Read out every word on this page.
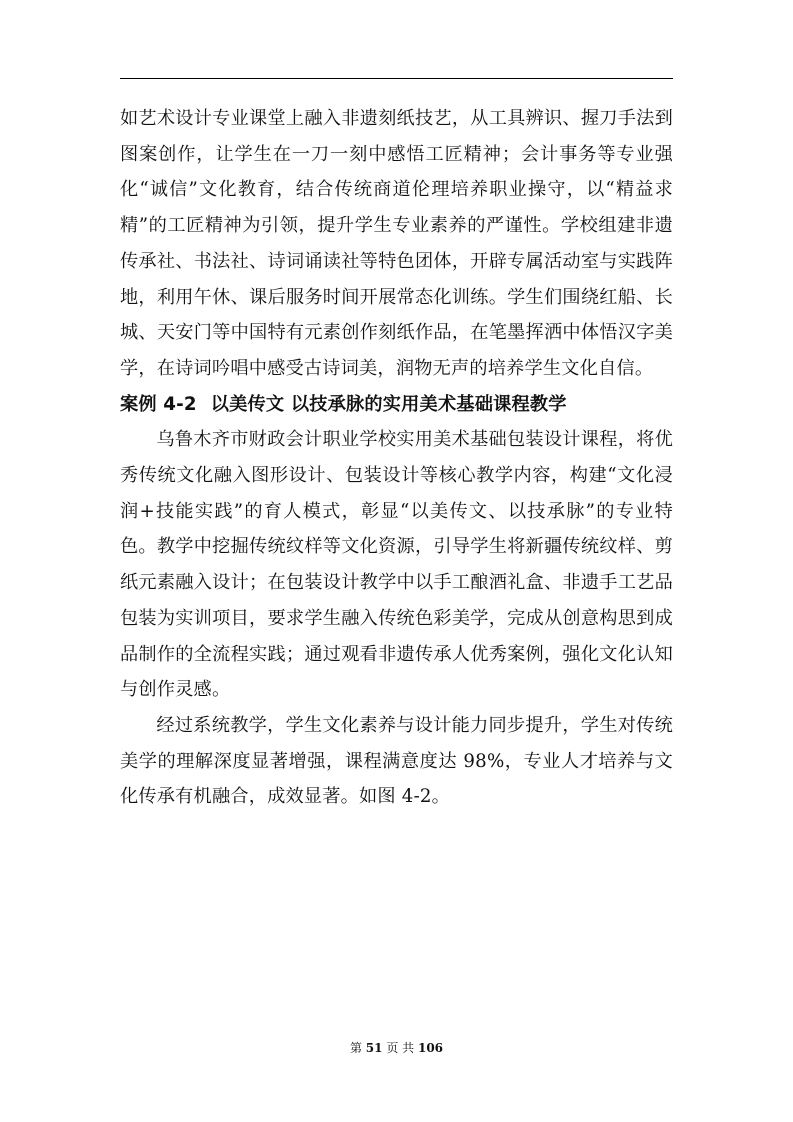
如艺术设计专业课堂上融入非遗刻纸技艺，从工具辨识、握刀手法到图案创作，让学生在一刀一刻中感悟工匠精神；会计事务等专业强化“诚信”文化教育，结合传统商道伦理培养职业操守，以“精益求精”的工匠精神为引领，提升学生专业素养的严谨性。学校组建非遗传承社、书法社、诗词诵读社等特色团体，开辟专属活动室与实践阵地，利用午休、课后服务时间开展常态化训练。学生们围绕红船、长城、天安门等中国特有元素创作刻纸作品，在笔墨挥洒中体悟汉字美学，在诗词吟唱中感受古诗词美，润物无声的培养学生文化自信。

案例 4-2 以美传文 以技承脉的实用美术基础课程教学

乌鲁木齐市财政会计职业学校实用美术基础包装设计课程，将优秀传统文化融入图形设计、包装设计等核心教学内容，构建“文化浸润+技能实践”的育人模式，彰显“以美传文、以技承脉”的专业特色。教学中挖掘传统纹样等文化资源，引导学生将新疆传统纹样、剪纸元素融入设计；在包装设计教学中以手工酿酒礼盒、非遗手工艺品包装为实训项目，要求学生融入传统色彩美学，完成从创意构思到成品制作的全流程实践；通过观看非遗传承人优秀案例，强化文化认知与创作灵感。

经过系统教学，学生文化素养与设计能力同步提升，学生对传统美学的理解深度显著增强，课程满意度达 98%，专业人才培养与文化传承有机融合，成效显著。如图 4-2。

第 51 页 共 106
